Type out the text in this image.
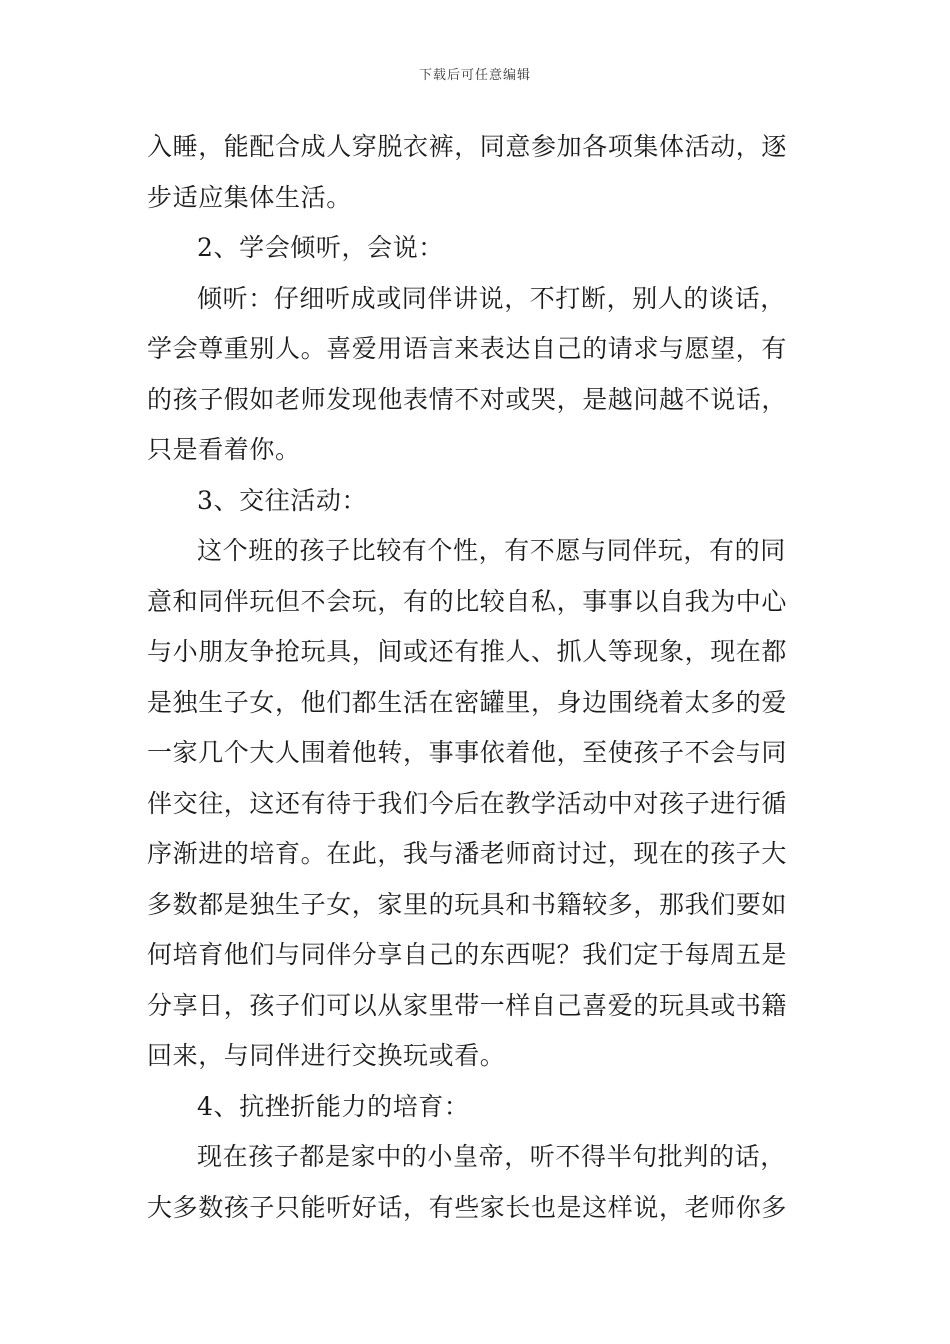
下载后可任意编辑
入睡，能配合成人穿脱衣裤，同意参加各项集体活动，逐
步适应集体生活。
2、学会倾听，会说：
倾听：仔细听成或同伴讲说，不打断，别人的谈话，
学会尊重别人。喜爱用语言来表达自己的请求与愿望，有
的孩子假如老师发现他表情不对或哭，是越问越不说话，
只是看着你。
3、交往活动：
这个班的孩子比较有个性，有不愿与同伴玩，有的同
意和同伴玩但不会玩，有的比较自私，事事以自我为中心
与小朋友争抢玩具，间或还有推人、抓人等现象，现在都
是独生子女，他们都生活在密罐里，身边围绕着太多的爱
一家几个大人围着他转，事事依着他，至使孩子不会与同
伴交往，这还有待于我们今后在教学活动中对孩子进行循
序渐进的培育。在此，我与潘老师商讨过，现在的孩子大
多数都是独生子女，家里的玩具和书籍较多，那我们要如
何培育他们与同伴分享自己的东西呢？我们定于每周五是
分享日，孩子们可以从家里带一样自己喜爱的玩具或书籍
回来，与同伴进行交换玩或看。
4、抗挫折能力的培育：
现在孩子都是家中的小皇帝，听不得半句批判的话，
大多数孩子只能听好话，有些家长也是这样说，老师你多
